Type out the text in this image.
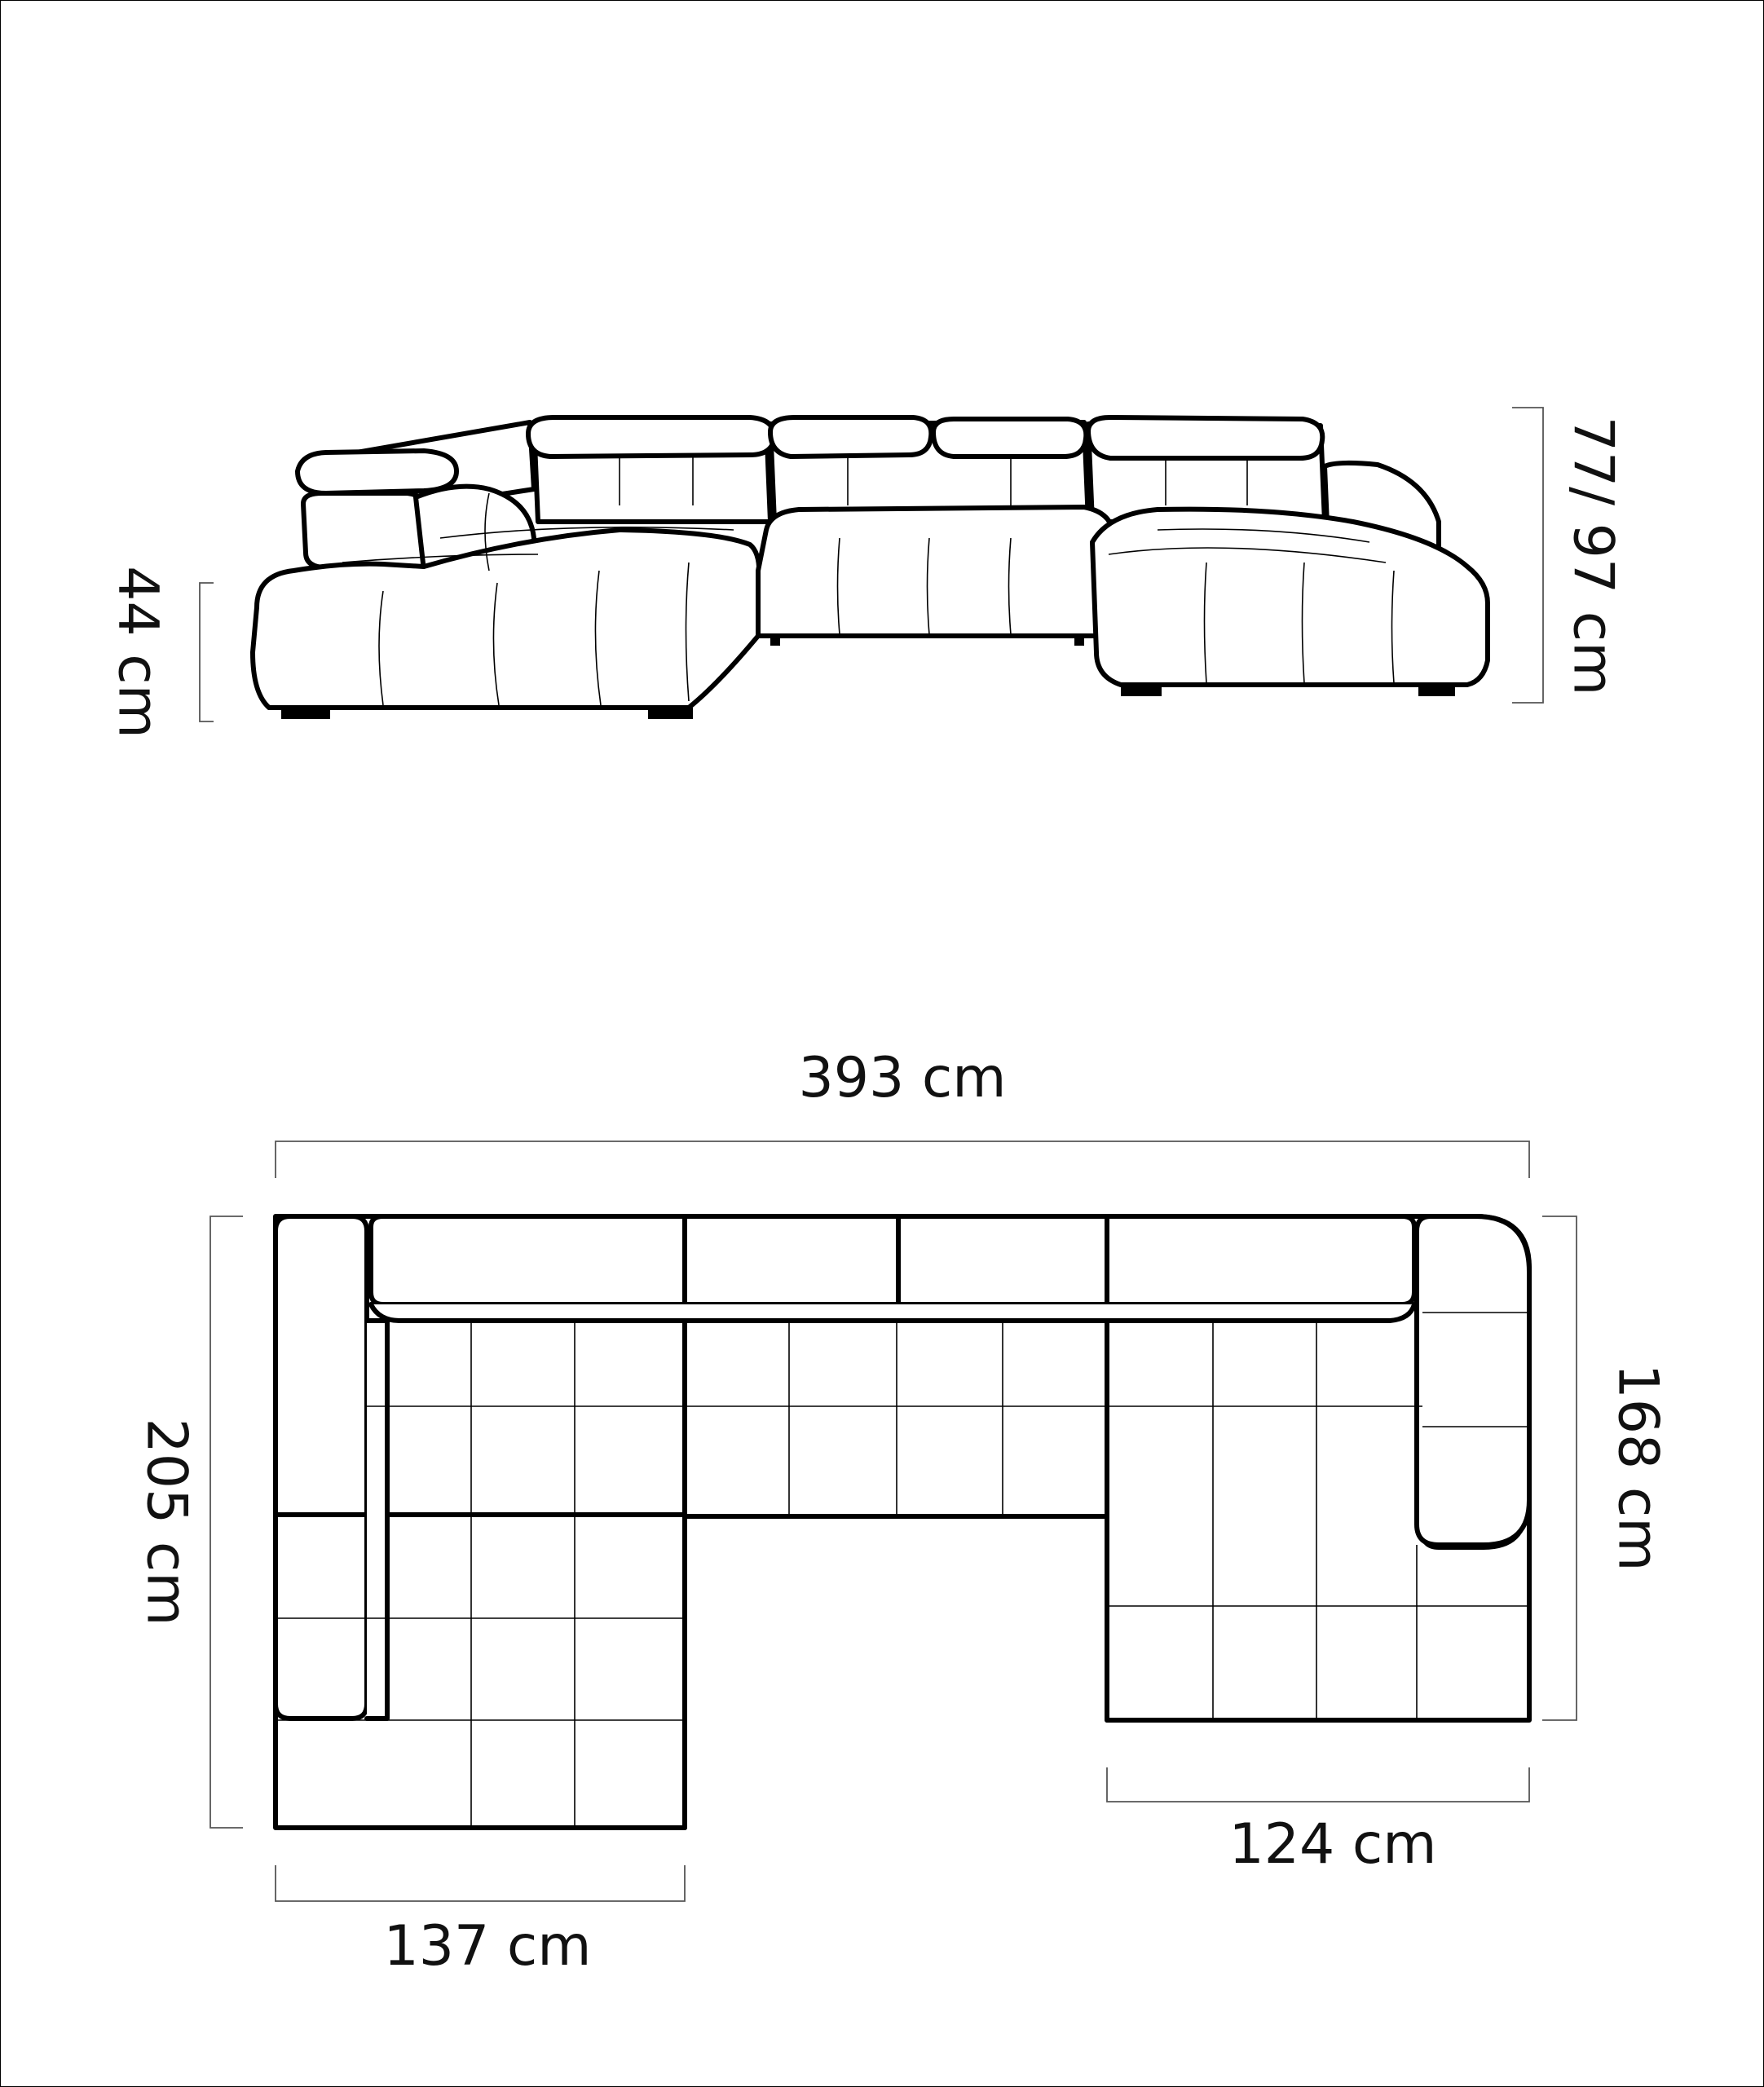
44 cm	77/ 97 cm
393 cm
205 cm	168 cm
124 cm
137 cm
